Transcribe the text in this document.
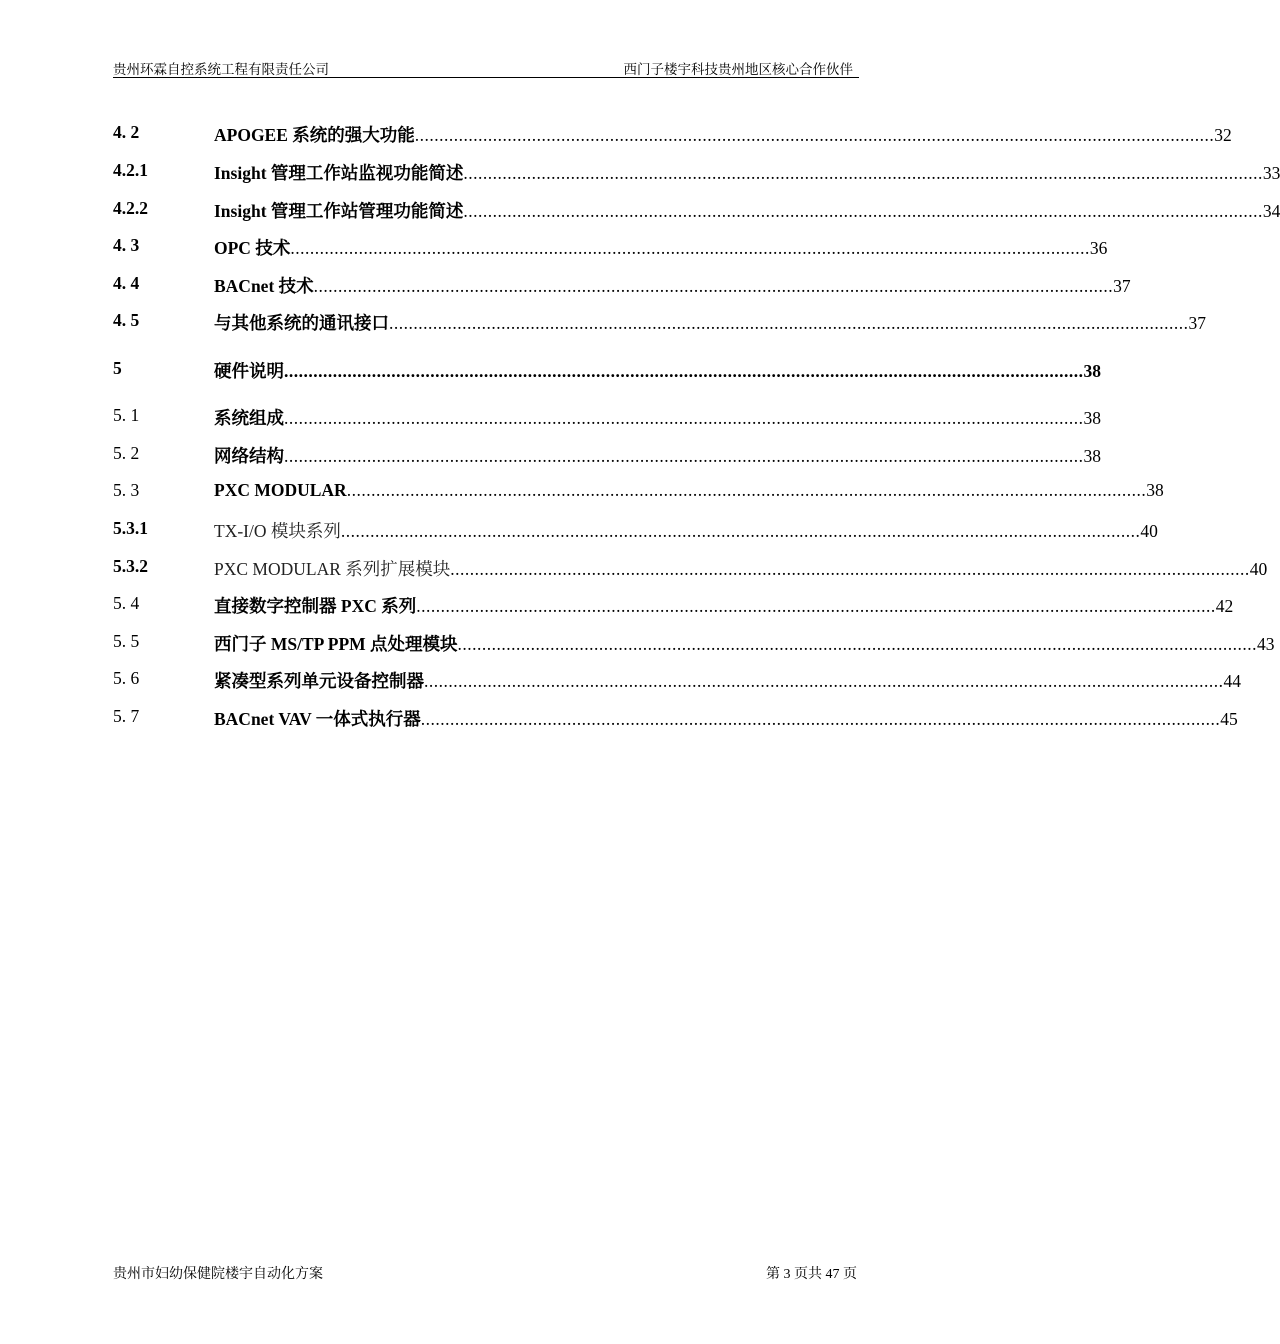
贵州环霖自控系统工程有限责任公司	西门子楼宇科技贵州地区核心合作伙伴
4. 2	APOGEE 系统的强大功能 .................................................................................................................................................................... 32
4.2.1	Insight 管理工作站监视功能简述 .................................................................................................................................................................... 33
4.2.2	Insight 管理工作站管理功能简述 .................................................................................................................................................................... 34
4. 3	OPC 技术 .................................................................................................................................................................... 36
4. 4	BACnet 技术 .................................................................................................................................................................... 37
4. 5	与其他系统的通讯接口 .................................................................................................................................................................... 37
5	硬件说明 .................................................................................................................................................................... 38
5. 1	系统组成 .................................................................................................................................................................... 38
5. 2	网络结构 .................................................................................................................................................................... 38
5. 3	PXC MODULAR .................................................................................................................................................................... 38
5.3.1	TX-I/O 模块系列 .................................................................................................................................................................... 40
5.3.2	PXC MODULAR 系列扩展模块 .................................................................................................................................................................... 40
5. 4	直接数字控制器 PXC 系列 .................................................................................................................................................................... 42
5. 5	西门子 MS/TP PPM 点处理模块 .................................................................................................................................................................... 43
5. 6	紧凑型系列单元设备控制器 .................................................................................................................................................................... 44
5. 7	BACnet VAV 一体式执行器 .................................................................................................................................................................... 45
贵州市妇幼保健院楼宇自动化方案	第 3 页共 47 页
